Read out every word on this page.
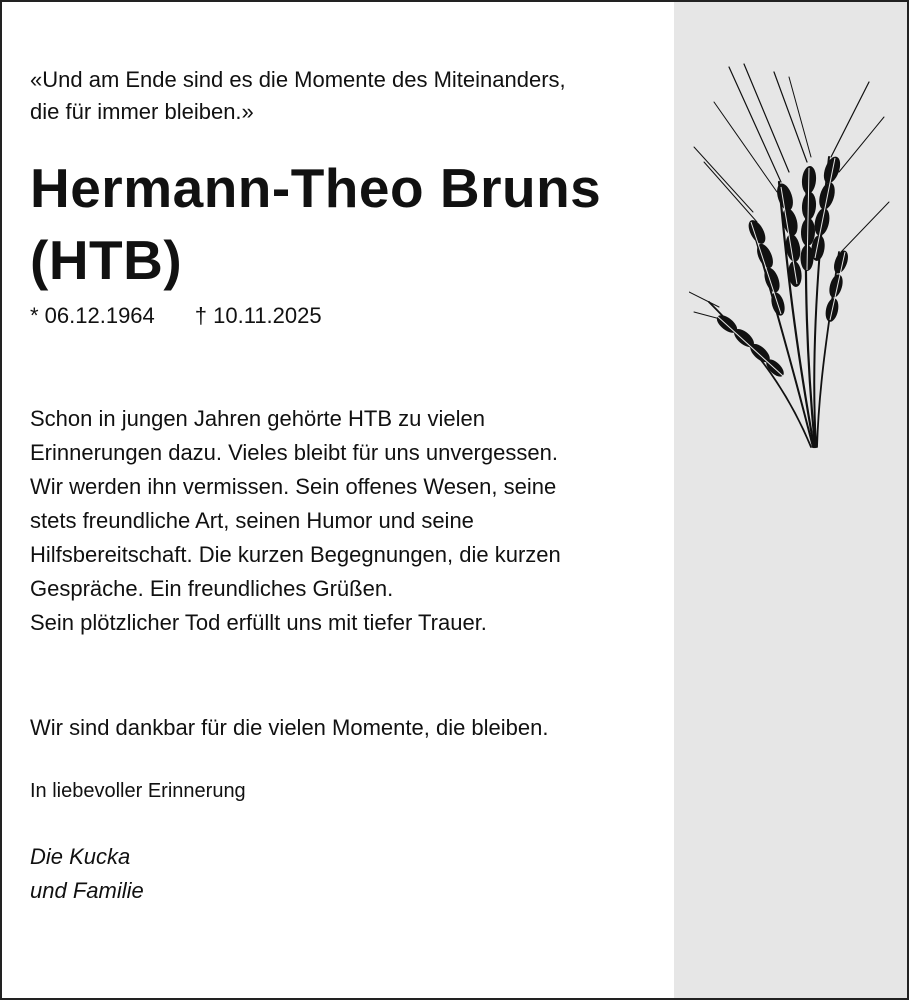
«Und am Ende sind es die Momente des Miteinanders,
die für immer bleiben.»

Hermann-Theo Bruns
(HTB)
* 06.12.1964 † 10.11.2025

Schon in jungen Jahren gehörte HTB zu vielen
Erinnerungen dazu. Vieles bleibt für uns unvergessen.
Wir werden ihn vermissen. Sein offenes Wesen, seine
stets freundliche Art, seinen Humor und seine
Hilfsbereitschaft. Die kurzen Begegnungen, die kurzen
Gespräche. Ein freundliches Grüßen.
Sein plötzlicher Tod erfüllt uns mit tiefer Trauer.

Wir sind dankbar für die vielen Momente, die bleiben.

In liebevoller Erinnerung

Die Kucka
und Familie
